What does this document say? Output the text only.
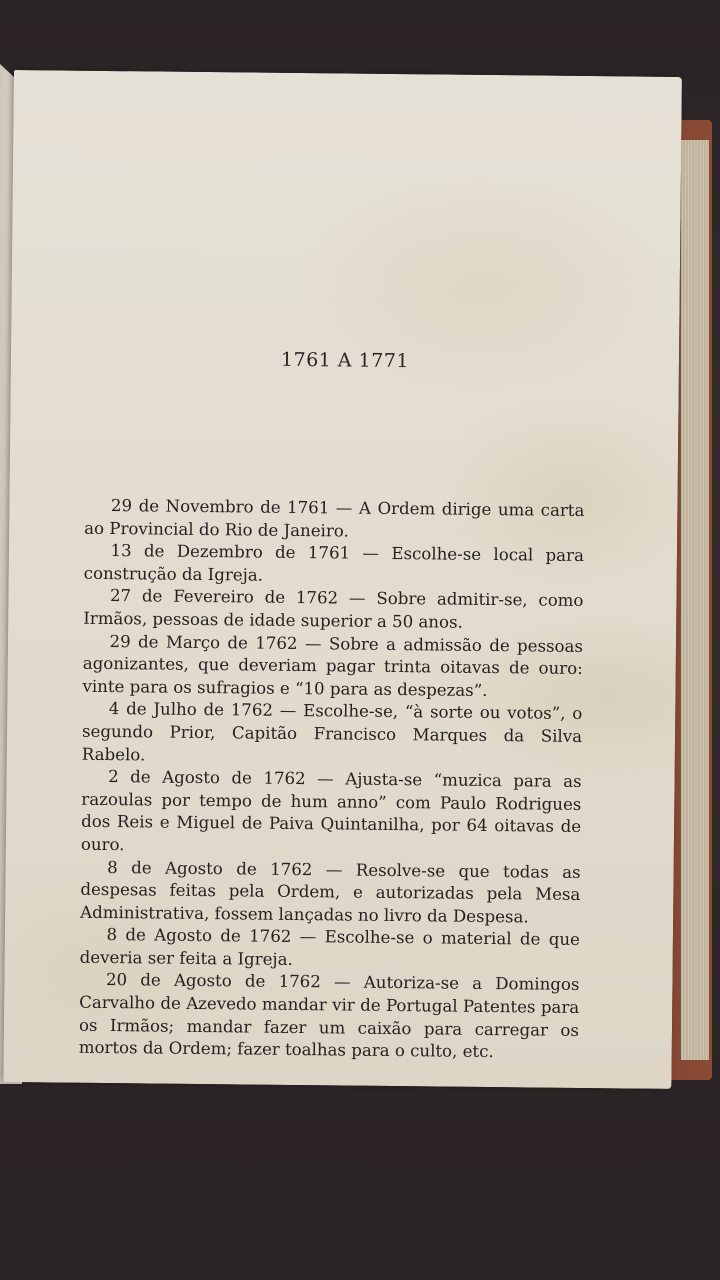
1761 A 1771

29 de Novembro de 1761 — A Ordem dirige uma carta ao Provincial do Rio de Janeiro.

13 de Dezembro de 1761 — Escolhe-se local para construção da Igreja.

27 de Fevereiro de 1762 — Sobre admitir-se, como Irmãos, pessoas de idade superior a 50 anos.

29 de Março de 1762 — Sobre a admissão de pessoas agonizantes, que deveriam pagar trinta oitavas de ouro: vinte para os sufragios e “10 para as despezas”.

4 de Julho de 1762 — Escolhe-se, “à sorte ou votos”, o segundo Prior, Capitão Francisco Marques da Silva Rabelo.

2 de Agosto de 1762 — Ajusta-se “muzica para as razoulas por tempo de hum anno” com Paulo Rodrigues dos Reis e Miguel de Paiva Quintanilha, por 64 oitavas de ouro.

8 de Agosto de 1762 — Resolve-se que todas as despesas feitas pela Ordem, e autorizadas pela Mesa Administrativa, fossem lançadas no livro da Despesa.

8 de Agosto de 1762 — Escolhe-se o material de que deveria ser feita a Igreja.

20 de Agosto de 1762 — Autoriza-se a Domingos Carvalho de Azevedo mandar vir de Portugal Patentes para os Irmãos; mandar fazer um caixão para carregar os mortos da Ordem; fazer toalhas para o culto, etc.
